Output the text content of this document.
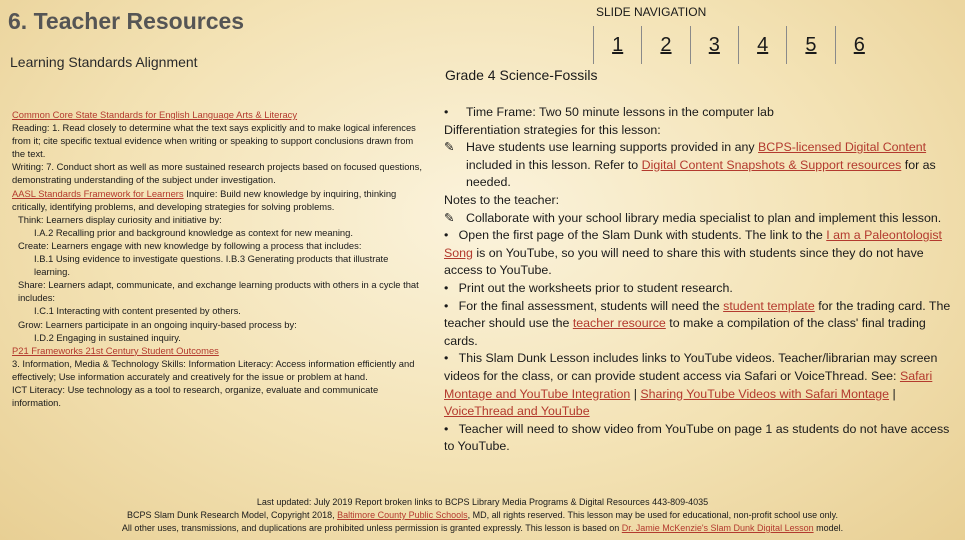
6. Teacher Resources
Learning Standards Alignment
SLIDE NAVIGATION
1	2	3	4	5	6
Grade 4 Science-Fossils

Common Core State Standards for English Language Arts & Literacy

Reading: 1. Read closely to determine what the text says explicitly and to make logical inferences from it; cite specific textual evidence when writing or speaking to support conclusions drawn from the text.

Writing: 7. Conduct short as well as more sustained research projects based on focused questions, demonstrating understanding of the subject under investigation.

AASL Standards Framework for Learners Inquire: Build new knowledge by inquiring, thinking critically, identifying problems, and developing strategies for solving problems.

Think: Learners display curiosity and initiative by:

I.A.2 Recalling prior and background knowledge as context for new meaning.

Create: Learners engage with new knowledge by following a process that includes:

I.B.1 Using evidence to investigate questions. I.B.3 Generating products that illustrate learning.

Share: Learners adapt, communicate, and exchange learning products with others in a cycle that includes:

I.C.1 Interacting with content presented by others.

Grow: Learners participate in an ongoing inquiry-based process by:

I.D.2 Engaging in sustained inquiry.

P21 Frameworks 21st Century Student Outcomes

3. Information, Media & Technology Skills: Information Literacy: Access information efficiently and effectively; Use information accurately and creatively for the issue or problem at hand.

ICT Literacy: Use technology as a tool to research, organize, evaluate and communicate information.

• Time Frame: Two 50 minute lessons in the computer lab

Differentiation strategies for this lesson:

✎ Have students use learning supports provided in any BCPS-licensed Digital Content included in this lesson. Refer to Digital Content Snapshots & Support resources for as needed.

Notes to the teacher:

✎ Collaborate with your school library media specialist to plan and implement this lesson.

• Open the first page of the Slam Dunk with students. The link to the I am a Paleontologist Song is on YouTube, so you will need to share this with students since they do not have access to YouTube.

• Print out the worksheets prior to student research.

• For the final assessment, students will need the student template for the trading card. The teacher should use the teacher resource to make a compilation of the class' final trading cards.

• This Slam Dunk Lesson includes links to YouTube videos. Teacher/librarian may screen videos for the class, or can provide student access via Safari or VoiceThread. See: Safari Montage and YouTube Integration | Sharing YouTube Videos with Safari Montage | VoiceThread and YouTube

• Teacher will need to show video from YouTube on page 1 as students do not have access to YouTube.

Last updated: July 2019 Report broken links to BCPS Library Media Programs & Digital Resources 443-809-4035

BCPS Slam Dunk Research Model, Copyright 2018, Baltimore County Public Schools, MD, all rights reserved. This lesson may be used for educational, non-profit school use only.

All other uses, transmissions, and duplications are prohibited unless permission is granted expressly. This lesson is based on Dr. Jamie McKenzie's Slam Dunk Digital Lesson model.
